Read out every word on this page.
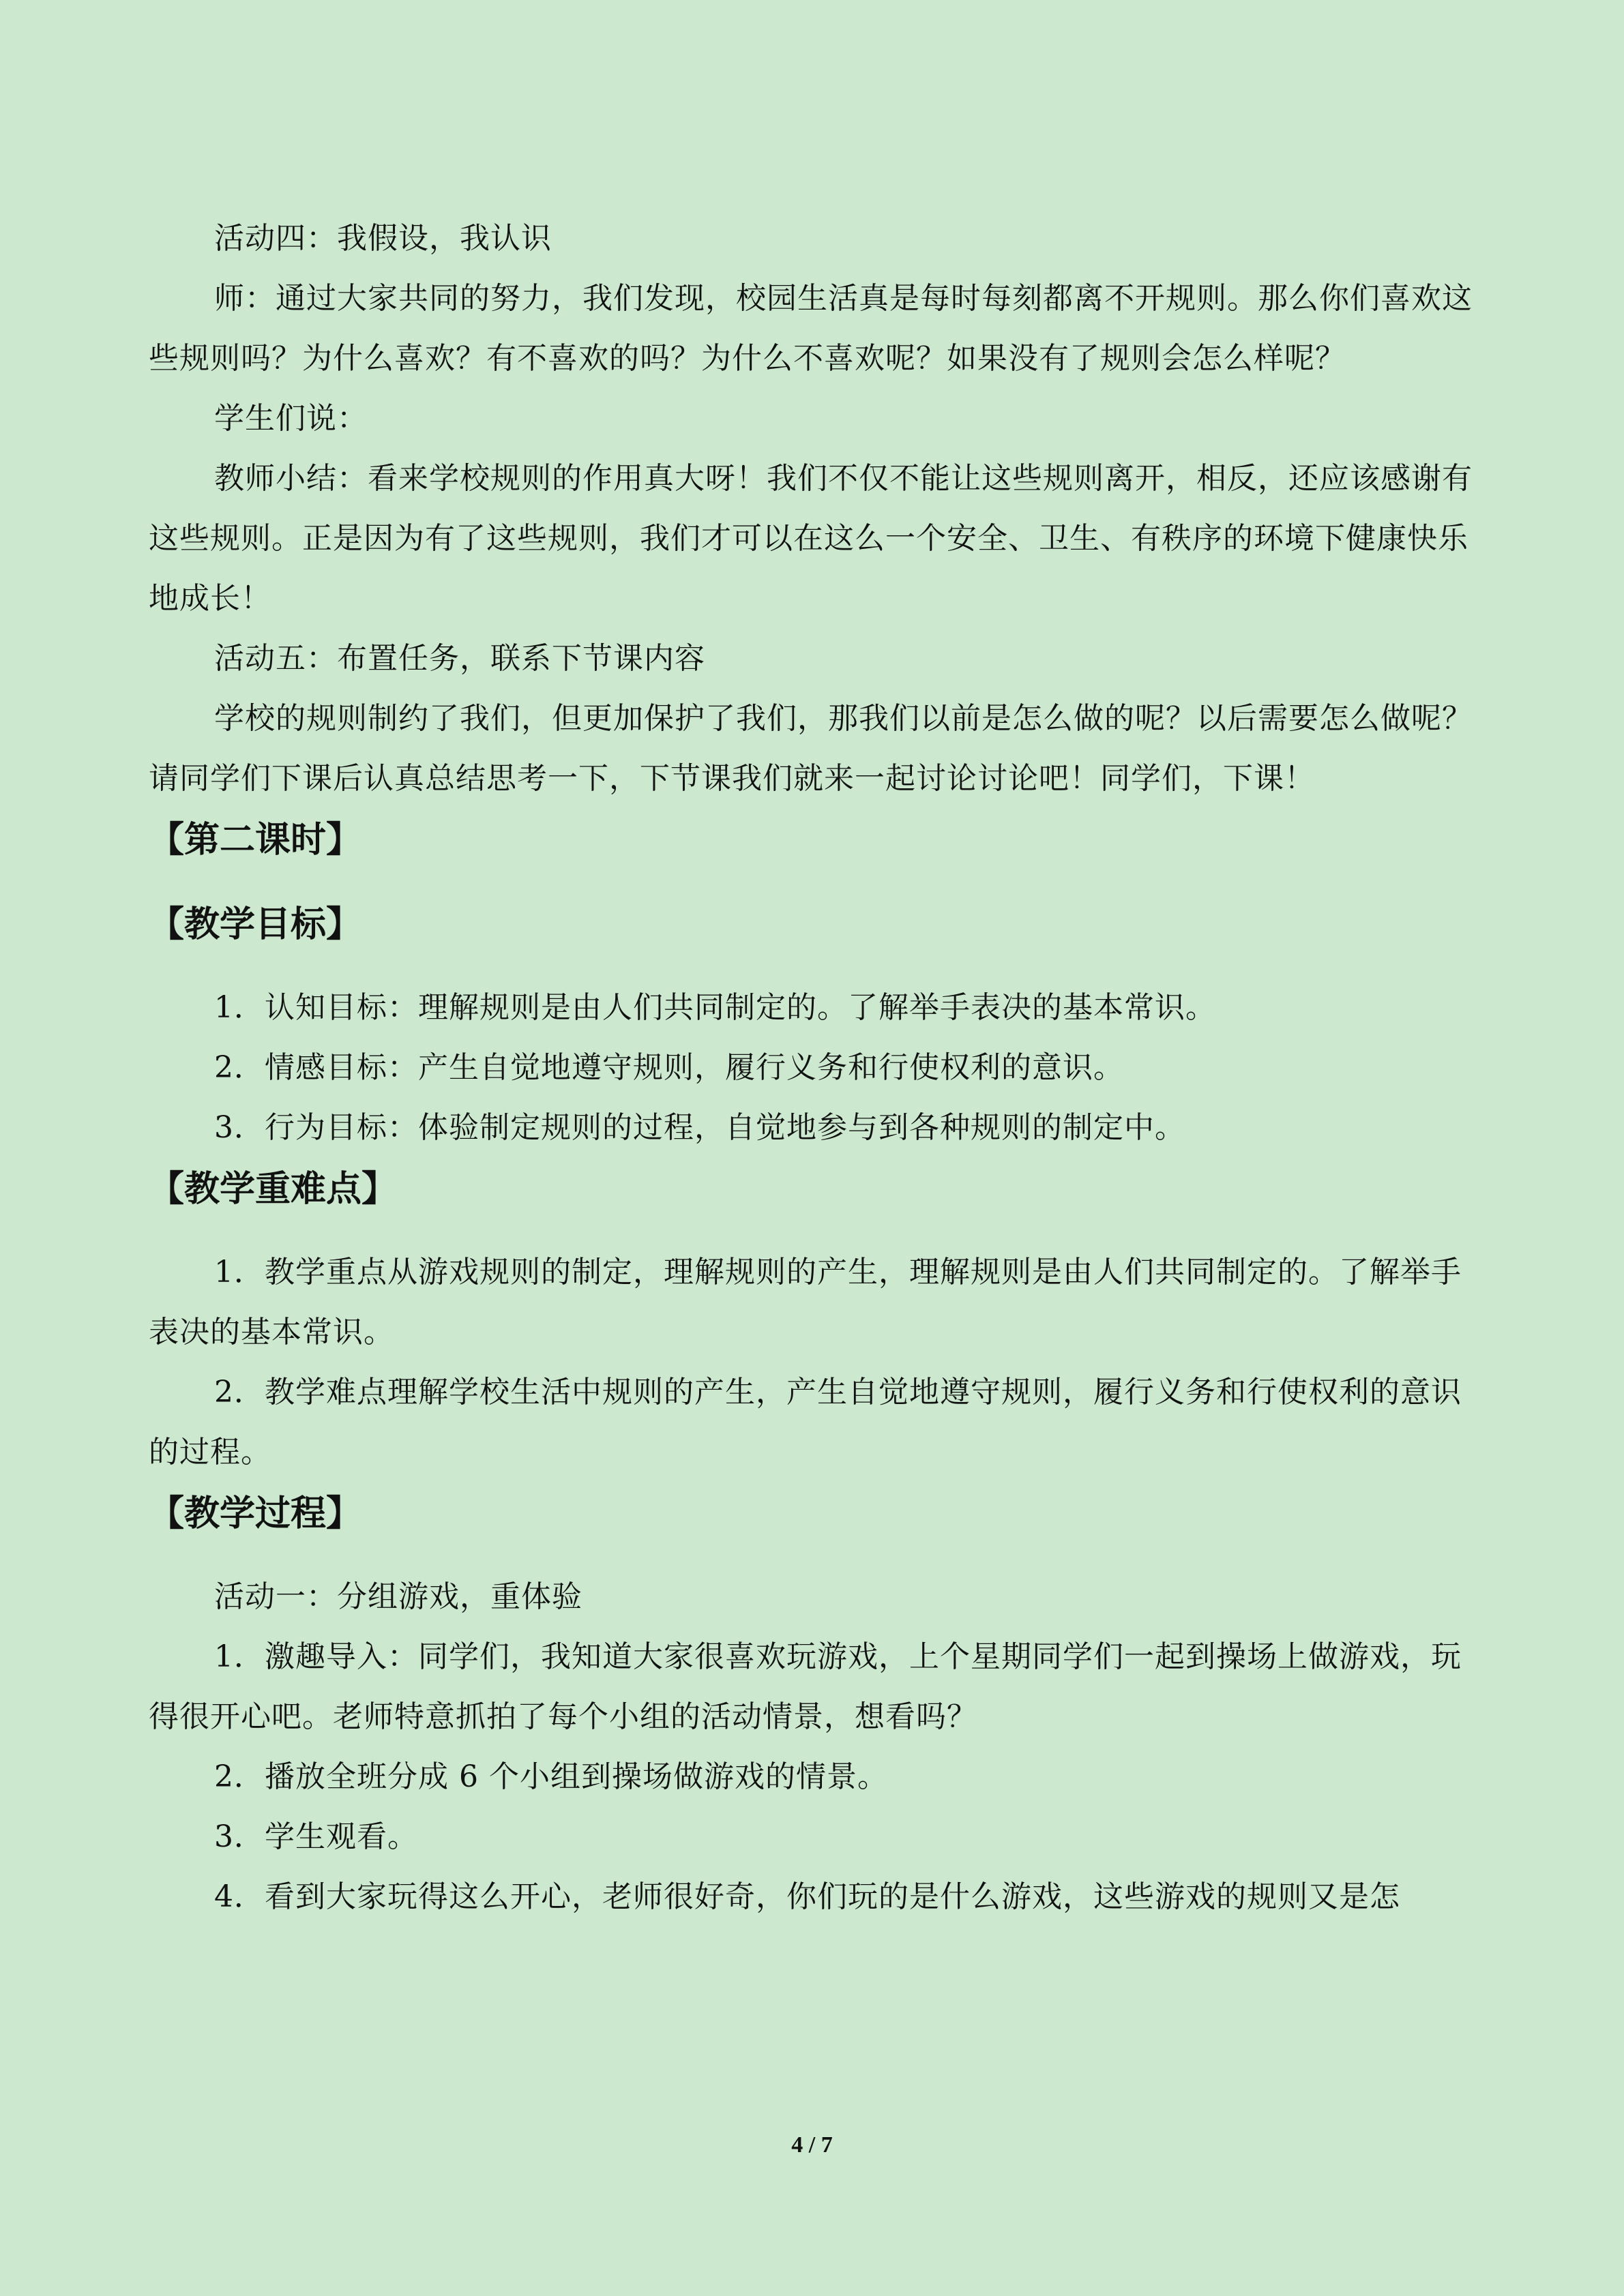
活动四：我假设，我认识

师：通过大家共同的努力，我们发现，校园生活真是每时每刻都离不开规则。那么你们喜欢这些规则吗？为什么喜欢？有不喜欢的吗？为什么不喜欢呢？如果没有了规则会怎么样呢？

学生们说：

教师小结：看来学校规则的作用真大呀！我们不仅不能让这些规则离开，相反，还应该感谢有这些规则。正是因为有了这些规则，我们才可以在这么一个安全、卫生、有秩序的环境下健康快乐地成长！

活动五：布置任务，联系下节课内容

学校的规则制约了我们，但更加保护了我们，那我们以前是怎么做的呢？以后需要怎么做呢？请同学们下课后认真总结思考一下，下节课我们就来一起讨论讨论吧！同学们，下课！

【第二课时】
【教学目标】

1．认知目标：理解规则是由人们共同制定的。了解举手表决的基本常识。

2．情感目标：产生自觉地遵守规则，履行义务和行使权利的意识。

3．行为目标：体验制定规则的过程，自觉地参与到各种规则的制定中。

【教学重难点】

1．教学重点从游戏规则的制定，理解规则的产生，理解规则是由人们共同制定的。了解举手表决的基本常识。

2．教学难点理解学校生活中规则的产生，产生自觉地遵守规则，履行义务和行使权利的意识的过程。

【教学过程】

活动一：分组游戏，重体验

1．激趣导入：同学们，我知道大家很喜欢玩游戏，上个星期同学们一起到操场上做游戏，玩得很开心吧。老师特意抓拍了每个小组的活动情景，想看吗？

2．播放全班分成 6 个小组到操场做游戏的情景。

3．学生观看。

4．看到大家玩得这么开心，老师很好奇，你们玩的是什么游戏，这些游戏的规则又是怎

4 / 7
